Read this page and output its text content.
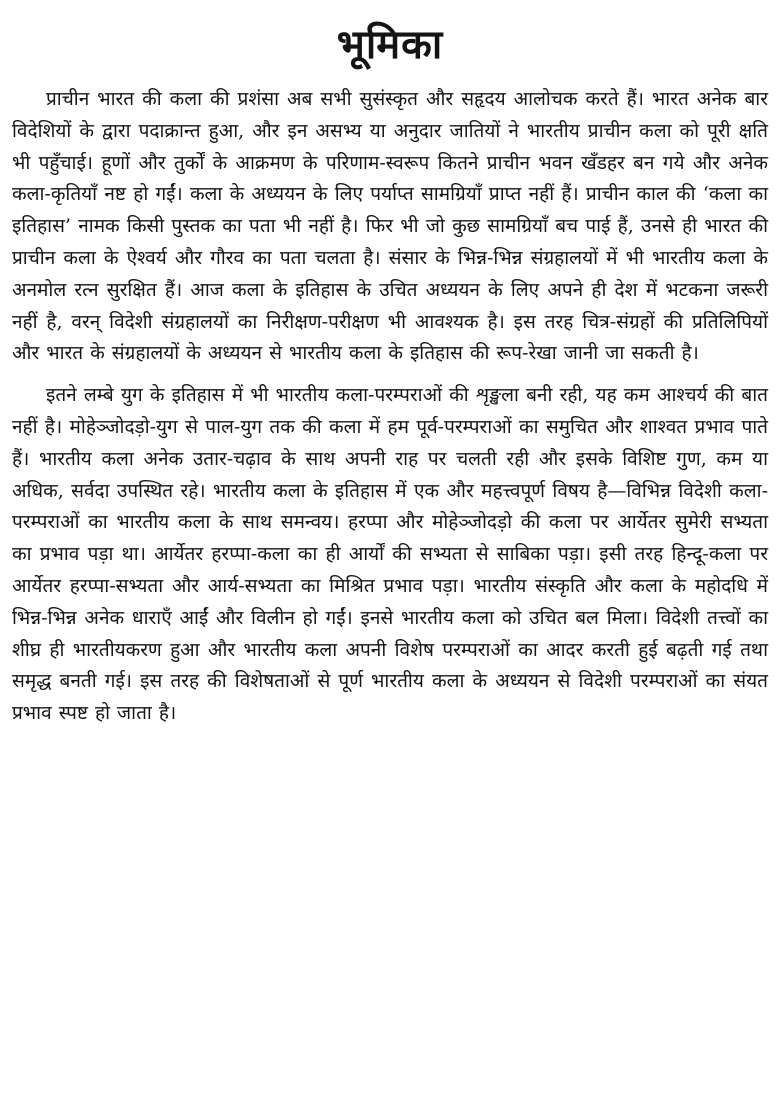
भूमिका

प्राचीन भारत की कला की प्रशंसा अब सभी सुसंस्कृत और सहृदय आलोचक करते हैं। भारत अनेक बार विदेशियों के द्वारा पदाक्रान्त हुआ, और इन असभ्य या अनुदार जातियों ने भारतीय प्राचीन कला को पूरी क्षति भी पहुँचाई। हूणों और तुर्कों के आक्रमण के परिणाम-स्वरूप कितने प्राचीन भवन खँडहर बन गये और अनेक कला-कृतियाँ नष्ट हो गईं। कला के अध्ययन के लिए पर्याप्त सामग्रियाँ प्राप्त नहीं हैं। प्राचीन काल की ‘कला का इतिहास’ नामक किसी पुस्तक का पता भी नहीं है। फिर भी जो कुछ सामग्रियाँ बच पाई हैं, उनसे ही भारत की प्राचीन कला के ऐश्वर्य और गौरव का पता चलता है। संसार के भिन्न-भिन्न संग्रहालयों में भी भारतीय कला के अनमोल रत्न सुरक्षित हैं। आज कला के इतिहास के उचित अध्ययन के लिए अपने ही देश में भटकना जरूरी नहीं है, वरन् विदेशी संग्रहालयों का निरीक्षण-परीक्षण भी आवश्यक है। इस तरह चित्र-संग्रहों की प्रतिलिपियों और भारत के संग्रहालयों के अध्ययन से भारतीय कला के इतिहास की रूप-रेखा जानी जा सकती है।

इतने लम्बे युग के इतिहास में भी भारतीय कला-परम्पराओं की शृङ्खला बनी रही, यह कम आश्चर्य की बात नहीं है। मोहेञ्जोदड़ो-युग से पाल-युग तक की कला में हम पूर्व-परम्पराओं का समुचित और शाश्वत प्रभाव पाते हैं। भारतीय कला अनेक उतार-चढ़ाव के साथ अपनी राह पर चलती रही और इसके विशिष्ट गुण, कम या अधिक, सर्वदा उपस्थित रहे। भारतीय कला के इतिहास में एक और महत्त्वपूर्ण विषय है—विभिन्न विदेशी कला-परम्पराओं का भारतीय कला के साथ समन्वय। हरप्पा और मोहेञ्जोदड़ो की कला पर आर्येतर सुमेरी सभ्यता का प्रभाव पड़ा था। आर्येतर हरप्पा-कला का ही आर्यों की सभ्यता से साबिका पड़ा। इसी तरह हिन्दू-कला पर आर्येतर हरप्पा-सभ्यता और आर्य-सभ्यता का मिश्रित प्रभाव पड़ा। भारतीय संस्कृति और कला के महोदधि में भिन्न-भिन्न अनेक धाराएँ आईं और विलीन हो गईं। इनसे भारतीय कला को उचित बल मिला। विदेशी तत्त्वों का शीघ्र ही भारतीयकरण हुआ और भारतीय कला अपनी विशेष परम्पराओं का आदर करती हुई बढ़ती गई तथा समृद्ध बनती गई। इस तरह की विशेषताओं से पूर्ण भारतीय कला के अध्ययन से विदेशी परम्पराओं का संयत प्रभाव स्पष्ट हो जाता है।
